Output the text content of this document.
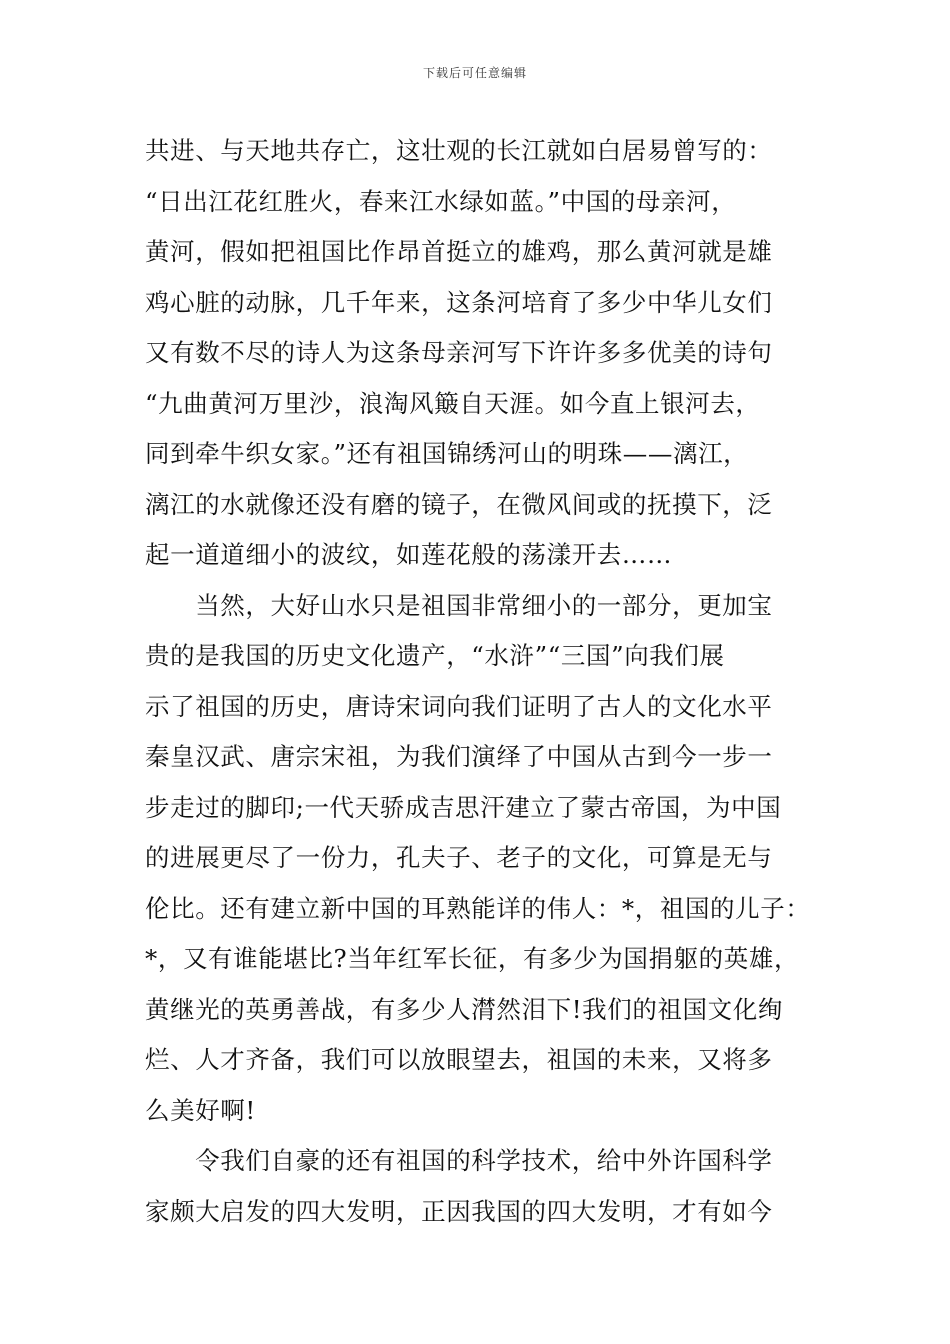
下载后可任意编辑

共进、与天地共存亡，这壮观的长江就如白居易曾写的：
“日出江花红胜火，春来江水绿如蓝。”中国的母亲河，
黄河，假如把祖国比作昂首挺立的雄鸡，那么黄河就是雄
鸡心脏的动脉，几千年来，这条河培育了多少中华儿女们
又有数不尽的诗人为这条母亲河写下许许多多优美的诗句
“九曲黄河万里沙，浪淘风簸自天涯。如今直上银河去，
同到牵牛织女家。”还有祖国锦绣河山的明珠——漓江，
漓江的水就像还没有磨的镜子，在微风间或的抚摸下，泛
起一道道细小的波纹，如莲花般的荡漾开去……

　　当然，大好山水只是祖国非常细小的一部分，更加宝
贵的是我国的历史文化遗产，“水浒”“三国”向我们展
示了祖国的历史，唐诗宋词向我们证明了古人的文化水平
秦皇汉武、唐宗宋祖，为我们演绎了中国从古到今一步一
步走过的脚印;一代天骄成吉思汗建立了蒙古帝国，为中国
的进展更尽了一份力，孔夫子、老子的文化，可算是无与
伦比。还有建立新中国的耳熟能详的伟人：*，祖国的儿子：
*，又有谁能堪比?当年红军长征，有多少为国捐躯的英雄，
黄继光的英勇善战，有多少人潸然泪下!我们的祖国文化绚
烂、人才齐备，我们可以放眼望去，祖国的未来，又将多
么美好啊!

　　令我们自豪的还有祖国的科学技术，给中外许国科学
家颇大启发的四大发明，正因我国的四大发明，才有如今
